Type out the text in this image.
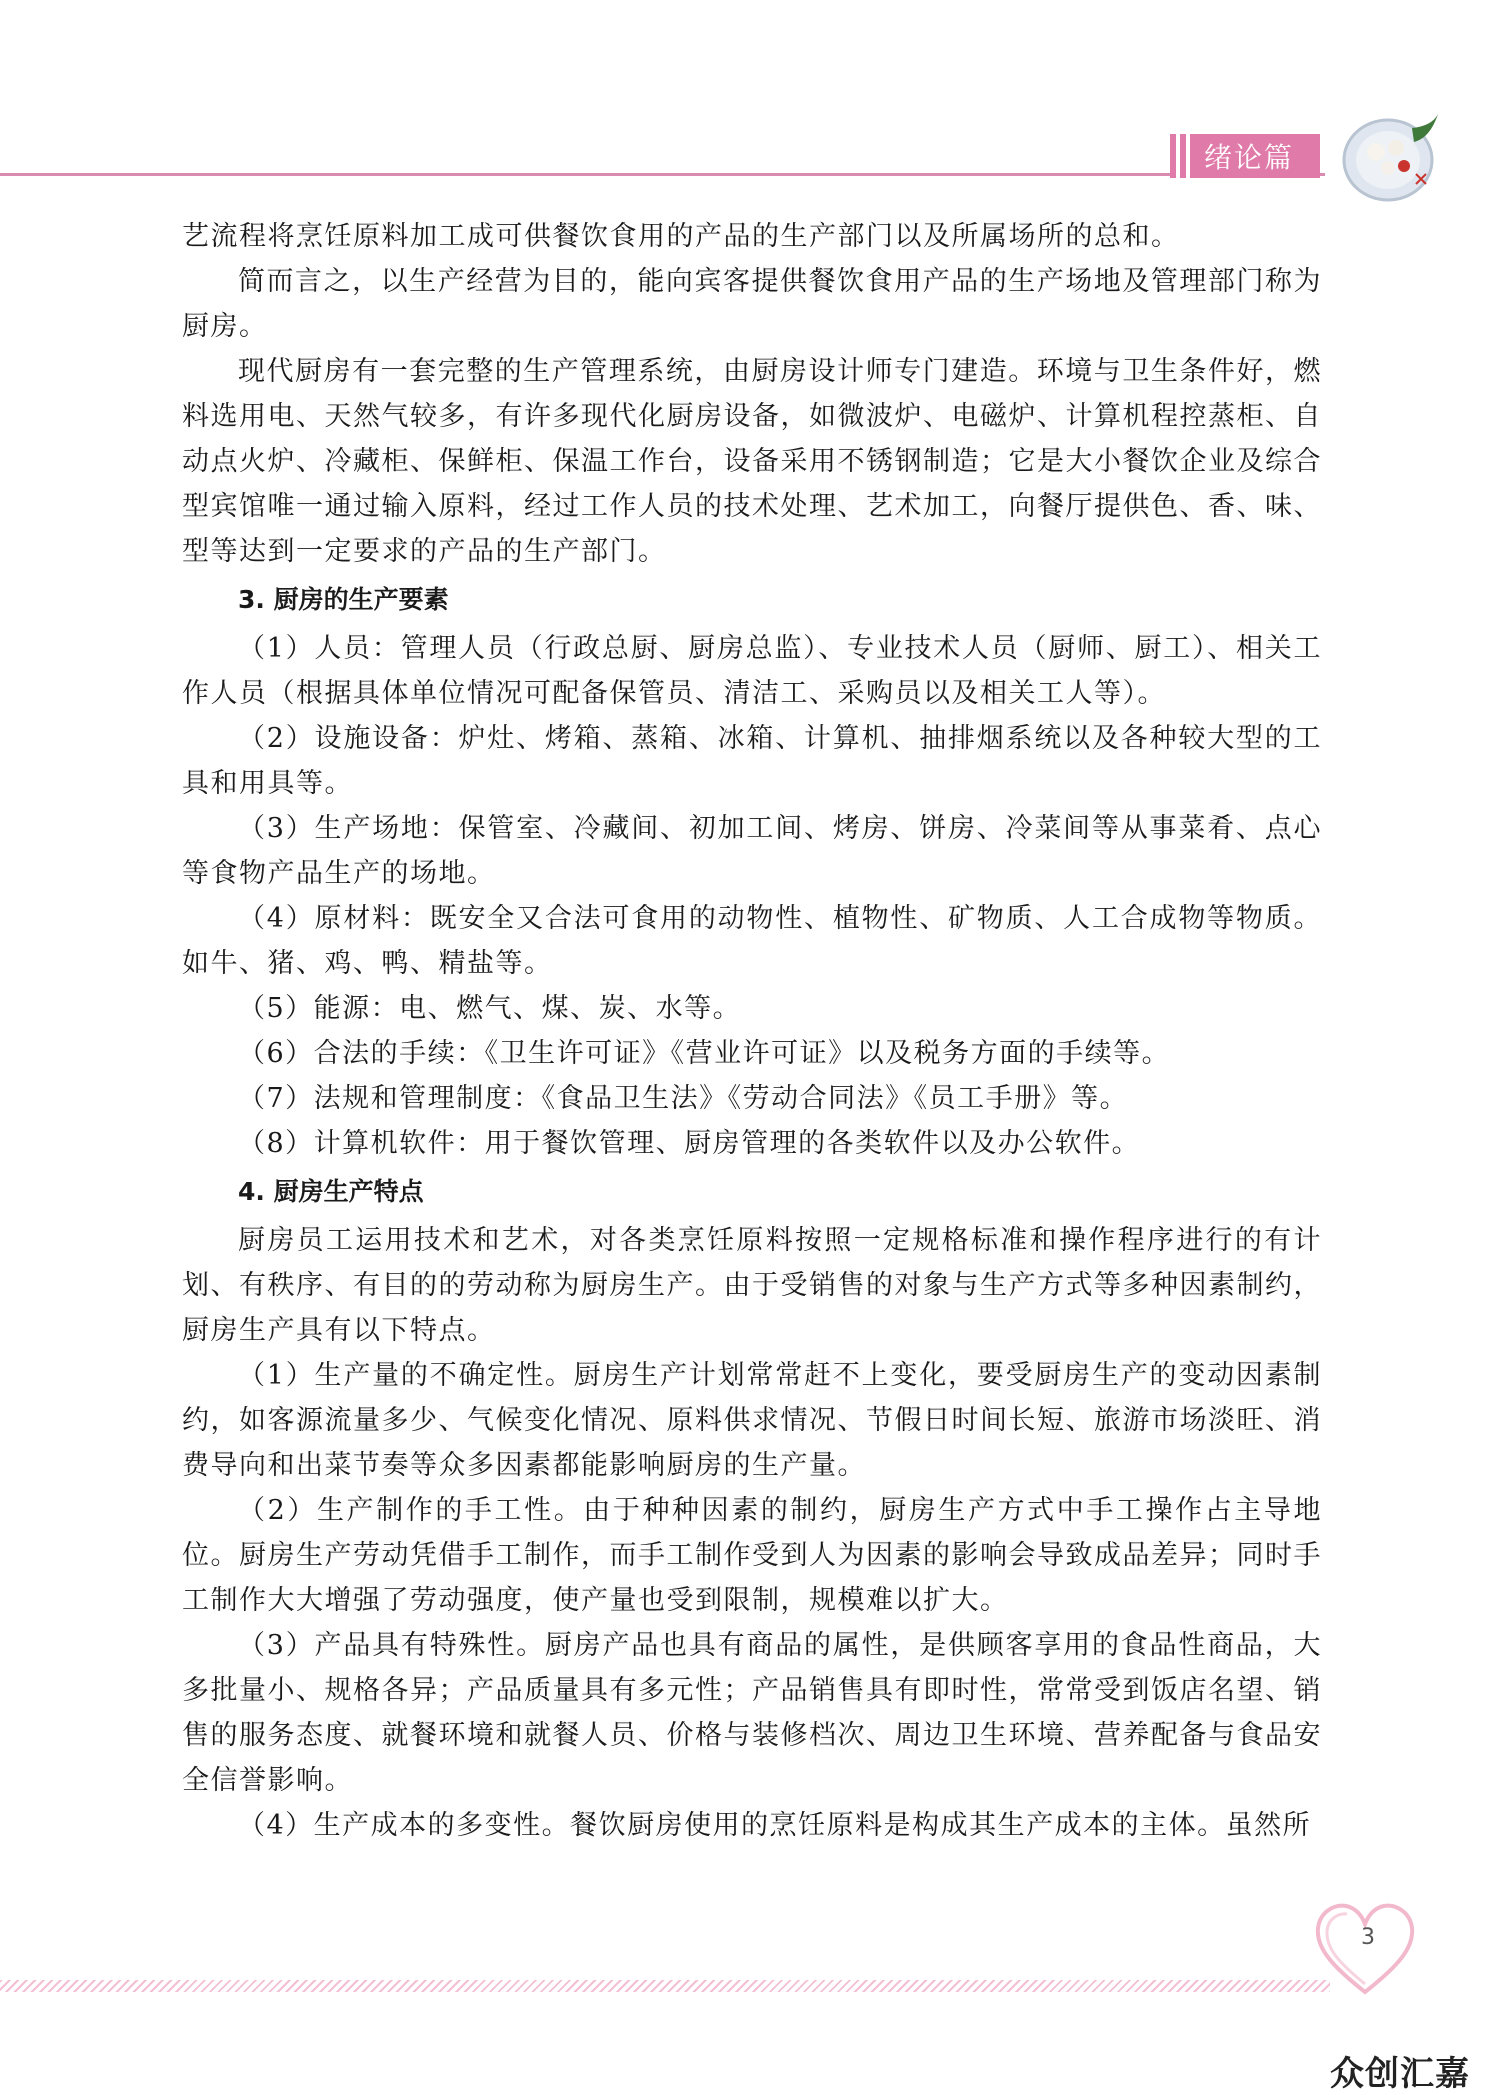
绪论篇

艺流程将烹饪原料加工成可供餐饮食用的产品的生产部门以及所属场所的总和。

简而言之，以生产经营为目的，能向宾客提供餐饮食用产品的生产场地及管理部门称为厨房。

现代厨房有一套完整的生产管理系统，由厨房设计师专门建造。环境与卫生条件好，燃料选用电、天然气较多，有许多现代化厨房设备，如微波炉、电磁炉、计算机程控蒸柜、自动点火炉、冷藏柜、保鲜柜、保温工作台，设备采用不锈钢制造；它是大小餐饮企业及综合型宾馆唯一通过输入原料，经过工作人员的技术处理、艺术加工，向餐厅提供色、香、味、型等达到一定要求的产品的生产部门。

3. 厨房的生产要素

（1）人员：管理人员（行政总厨、厨房总监）、专业技术人员（厨师、厨工）、相关工作人员（根据具体单位情况可配备保管员、清洁工、采购员以及相关工人等）。

（2）设施设备：炉灶、烤箱、蒸箱、冰箱、计算机、抽排烟系统以及各种较大型的工具和用具等。

（3）生产场地：保管室、冷藏间、初加工间、烤房、饼房、冷菜间等从事菜肴、点心等食物产品生产的场地。

（4）原材料：既安全又合法可食用的动物性、植物性、矿物质、人工合成物等物质。如牛、猪、鸡、鸭、精盐等。

（5）能源：电、燃气、煤、炭、水等。

（6）合法的手续：《卫生许可证》《营业许可证》以及税务方面的手续等。

（7）法规和管理制度：《食品卫生法》《劳动合同法》《员工手册》等。

（8）计算机软件：用于餐饮管理、厨房管理的各类软件以及办公软件。

4. 厨房生产特点

厨房员工运用技术和艺术，对各类烹饪原料按照一定规格标准和操作程序进行的有计划、有秩序、有目的的劳动称为厨房生产。由于受销售的对象与生产方式等多种因素制约，厨房生产具有以下特点。

（1）生产量的不确定性。厨房生产计划常常赶不上变化，要受厨房生产的变动因素制约，如客源流量多少、气候变化情况、原料供求情况、节假日时间长短、旅游市场淡旺、消费导向和出菜节奏等众多因素都能影响厨房的生产量。

（2）生产制作的手工性。由于种种因素的制约，厨房生产方式中手工操作占主导地位。厨房生产劳动凭借手工制作，而手工制作受到人为因素的影响会导致成品差异；同时手工制作大大增强了劳动强度，使产量也受到限制，规模难以扩大。

（3）产品具有特殊性。厨房产品也具有商品的属性，是供顾客享用的食品性商品，大多批量小、规格各异；产品质量具有多元性；产品销售具有即时性，常常受到饭店名望、销售的服务态度、就餐环境和就餐人员、价格与装修档次、周边卫生环境、营养配备与食品安全信誉影响。

（4）生产成本的多变性。餐饮厨房使用的烹饪原料是构成其生产成本的主体。虽然所

3
众创汇嘉
